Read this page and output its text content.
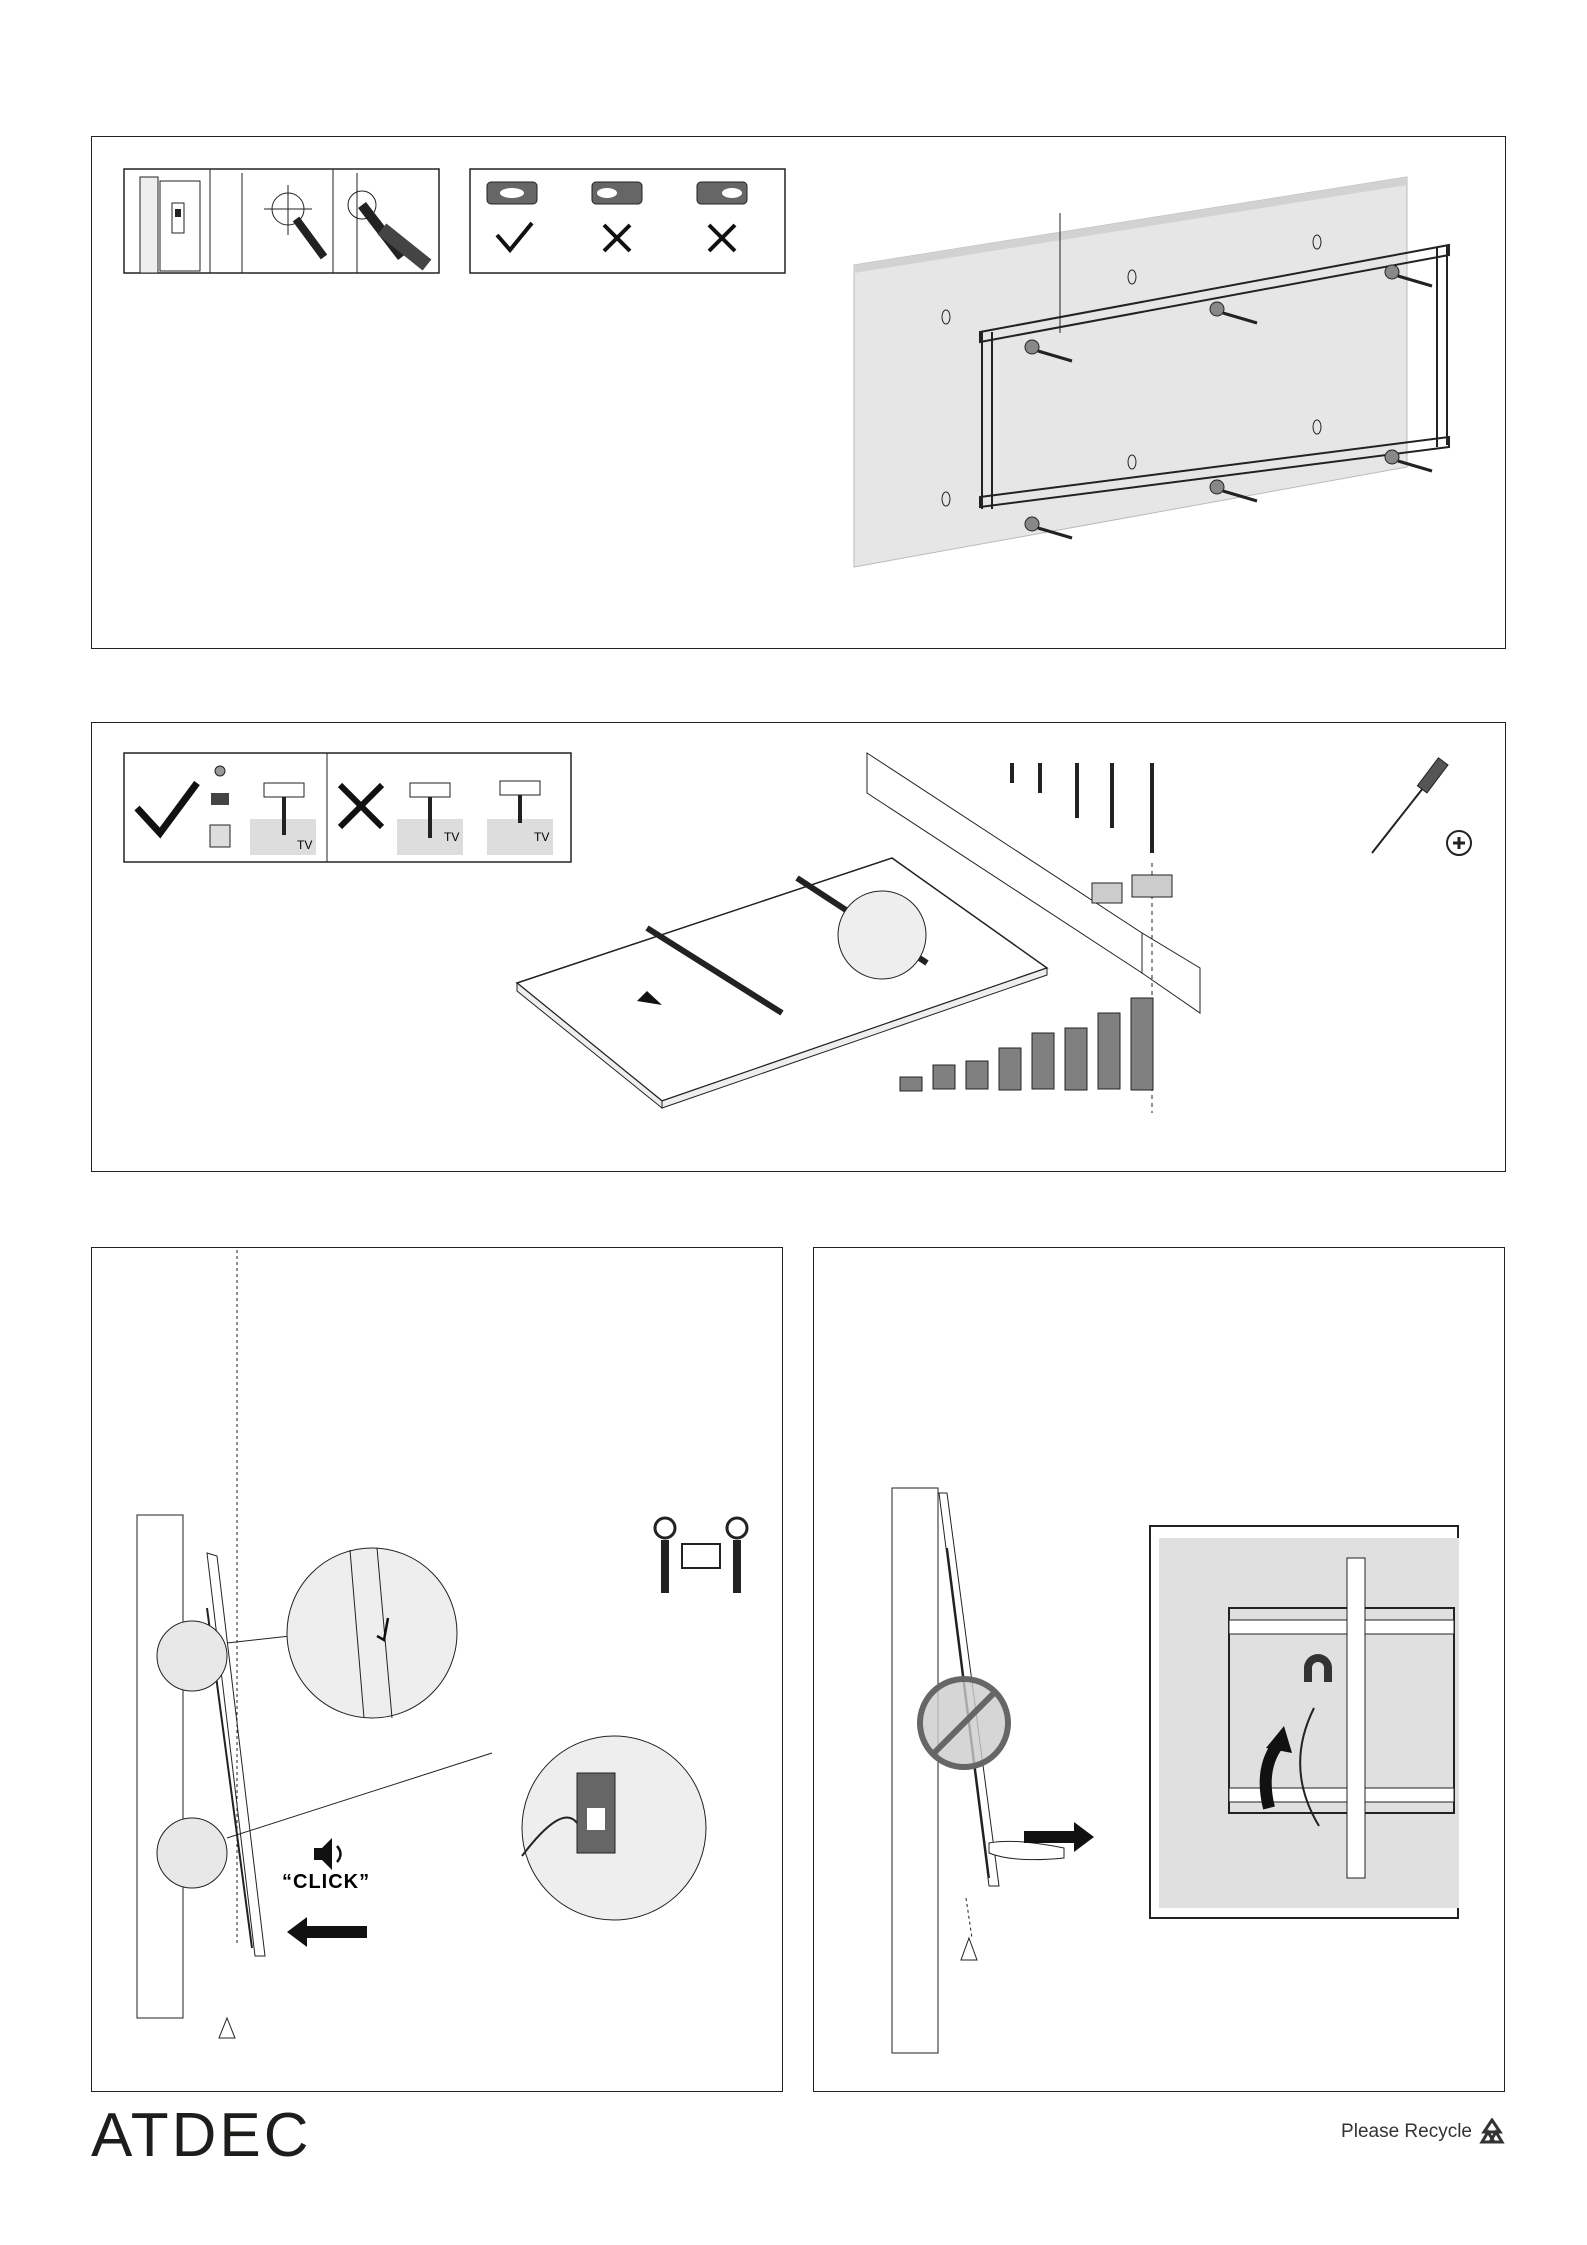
TV
TV	TV
“CLICK”
ATDEC	Please Recycle
